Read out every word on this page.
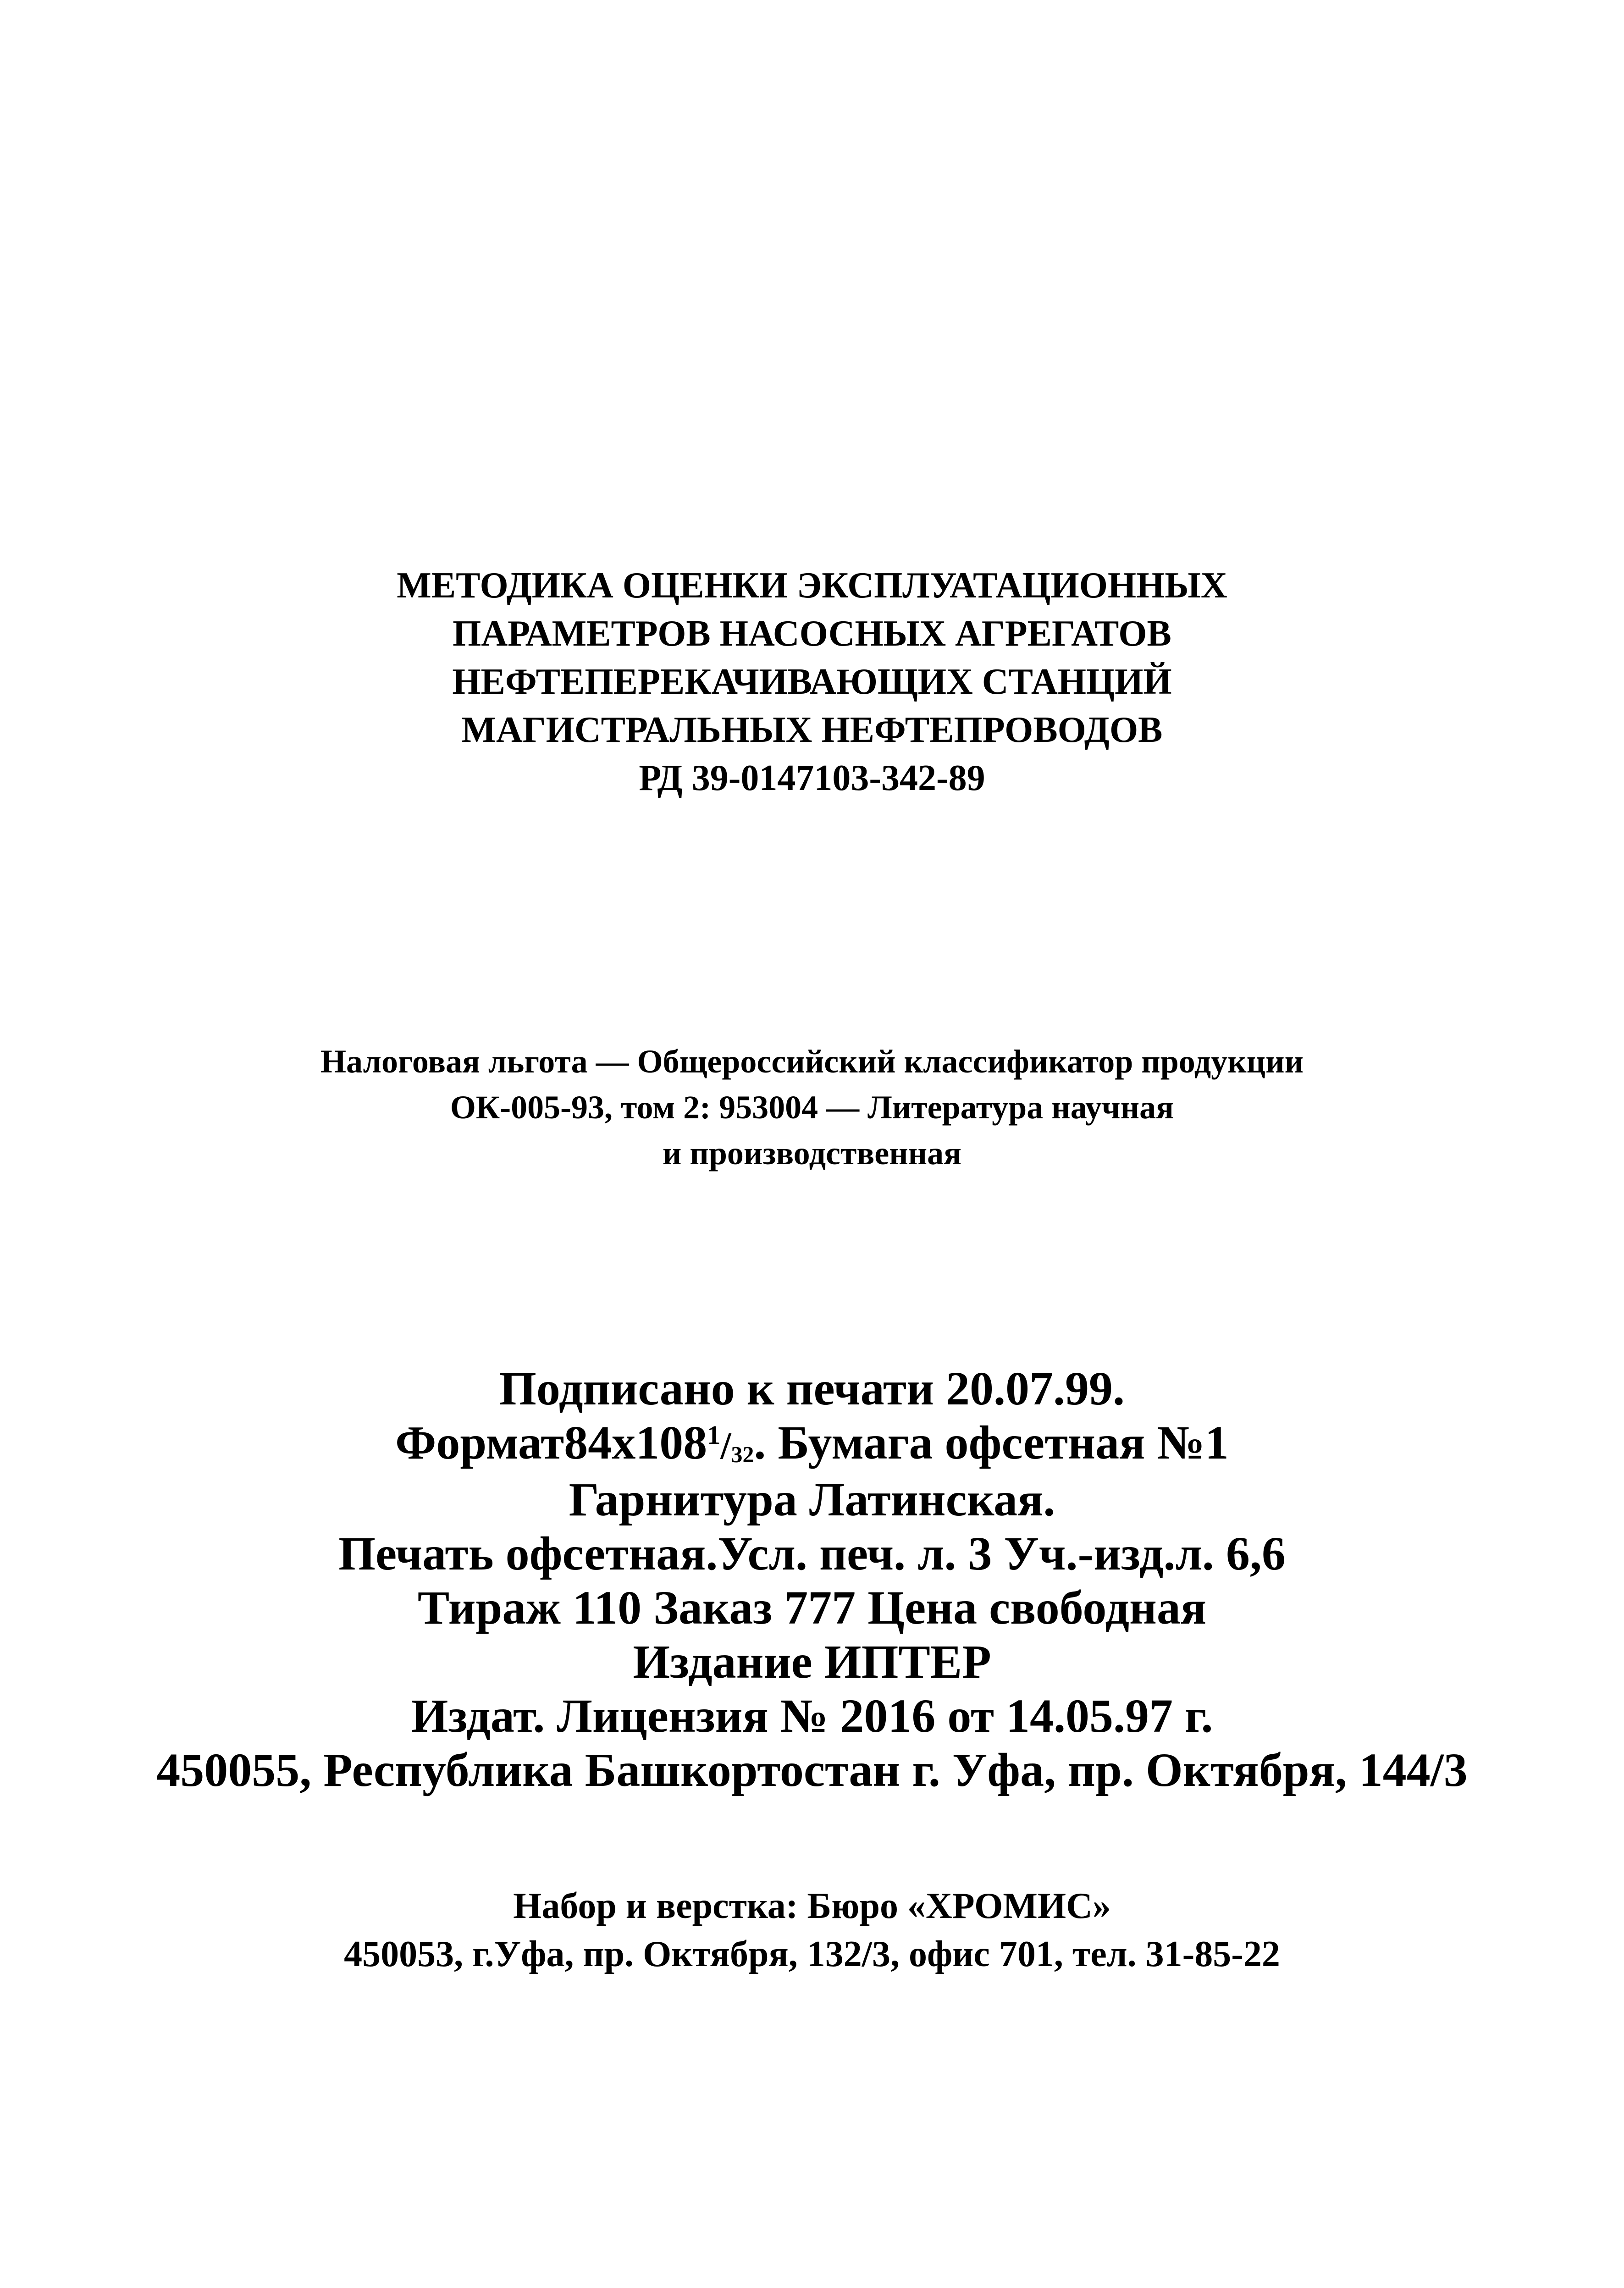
МЕТОДИКА ОЦЕНКИ ЭКСПЛУАТАЦИОННЫХ
ПАРАМЕТРОВ НАСОСНЫХ АГРЕГАТОВ
НЕФТЕПЕРЕКАЧИВАЮЩИХ СТАНЦИЙ
МАГИСТРАЛЬНЫХ НЕФТЕПРОВОДОВ
РД 39-0147103-342-89
Налоговая льгота — Общероссийский классификатор продукции
ОК-005-93, том 2: 953004 — Литература научная
и производственная
Подписано к печати 20.07.99.
$Формат84x108^1/_{32}$. Бумага офсетная №1
Гарнитура Латинская.
Печать офсетная.Усл. печ. л. 3 Уч.-изд.л. 6,6
Тираж 110 Заказ 777 Цена свободная
Издание ИПТЕР
Издат. Лицензия № 2016 от 14.05.97 г.
450055, Республика Башкортостан г. Уфа, пр. Октября, 144/3
Набор и верстка: Бюро «ХРОМИС»
450053, г.Уфа, пр. Октября, 132/3, офис 701, тел. 31-85-22
